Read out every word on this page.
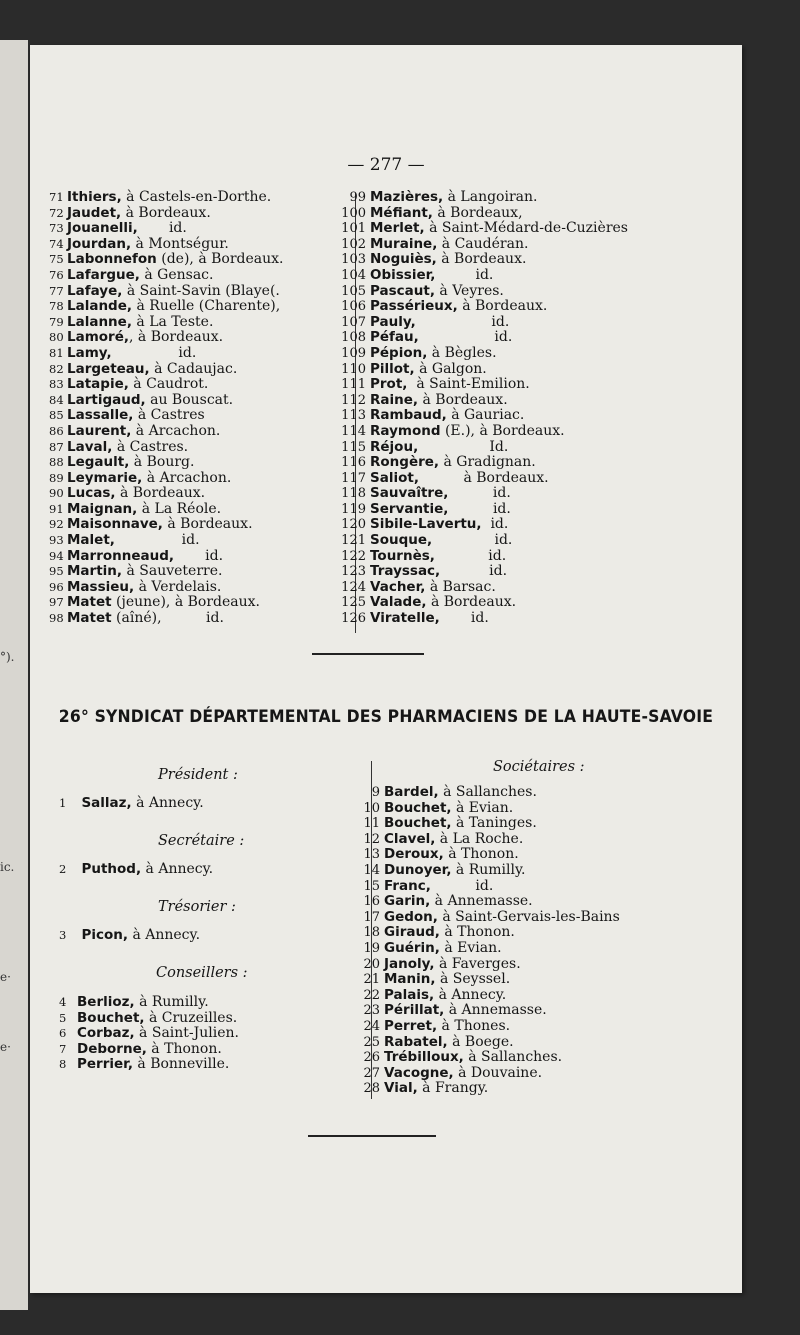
°).
ic.
e·
e·
— 277 —
71 Ithiers, à Castels-en-Dorthe.
72 Jaudet, à Bordeaux.
73 Jouanelli,       id.
74 Jourdan, à Montségur.
75 Labonnefon (de), à Bordeaux.
76 Lafargue, à Gensac.
77 Lafaye, à Saint-Savin (Blaye(.
78 Lalande, à Ruelle (Charente),
79 Lalanne, à La Teste.
80 Lamoré,, à Bordeaux.
81 Lamy,               id.
82 Largeteau, à Cadaujac.
83 Latapie, à Caudrot.
84 Lartigaud, au Bouscat.
85 Lassalle, à Castres
86 Laurent, à Arcachon.
87 Laval, à Castres.
88 Legault, à Bourg.
89 Leymarie, à Arcachon.
90 Lucas, à Bordeaux.
91 Maignan, à La Réole.
92 Maisonnave, à Bordeaux.
93 Malet,               id.
94 Marronneaud,       id.
95 Martin, à Sauveterre.
96 Massieu, à Verdelais.
97 Matet (jeune), à Bordeaux.
98 Matet (aîné),          id.
99 Mazières, à Langoiran.
100 Méfiant, à Bordeaux,
101 Merlet, à Saint-Médard-de-Cuzières
102 Muraine, à Caudéran.
103 Noguiès, à Bordeaux.
104 Obissier,         id.
105 Pascaut, à Veyres.
106 Passérieux, à Bordeaux.
107 Pauly,                 id.
108 Péfau,                 id.
109 Pépion, à Bègles.
110 Pillot, à Galgon.
111 Prot,  à Saint-Emilion.
112 Raine, à Bordeaux.
113 Rambaud, à Gauriac.
114 Raymond (E.), à Bordeaux.
115 Réjou,                Id.
116 Rongère, à Gradignan.
117 Saliot,          à Bordeaux.
118 Sauvaître,          id.
119 Servantie,          id.
120 Sibile-Lavertu,  id.
121 Souque,              id.
122 Tournès,            id.
123 Trayssac,           id.
124 Vacher, à Barsac.
125 Valade, à Bordeaux.
126 Viratelle,       id.
26° SYNDICAT DÉPARTEMENTAL DES PHARMACIENS DE LA HAUTE-SAVOIE
Président :
1 Sallaz, à Annecy.
Secrétaire :
2 Puthod, à Annecy.
Trésorier :
3 Picon, à Annecy.
Conseillers :
4 Berlioz, à Rumilly.
5 Bouchet, à Cruzeilles.
6 Corbaz, à Saint-Julien.
7 Deborne, à Thonon.
8 Perrier, à Bonneville.
Sociétaires :
9 Bardel, à Sallanches.
10 Bouchet, à Evian.
11 Bouchet, à Taninges.
12 Clavel, à La Roche.
13 Deroux, à Thonon.
14 Dunoyer, à Rumilly.
15 Franc,          id.
16 Garin, à Annemasse.
17 Gedon, à Saint-Gervais-les-Bains
18 Giraud, à Thonon.
19 Guérin, à Evian.
20 Janoly, à Faverges.
21 Manin, à Seyssel.
22 Palais, à Annecy.
23 Périllat, à Annemasse.
24 Perret, à Thones.
25 Rabatel, à Boege.
26 Trébilloux, à Sallanches.
27 Vacogne, à Douvaine.
28 Vial, à Frangy.
